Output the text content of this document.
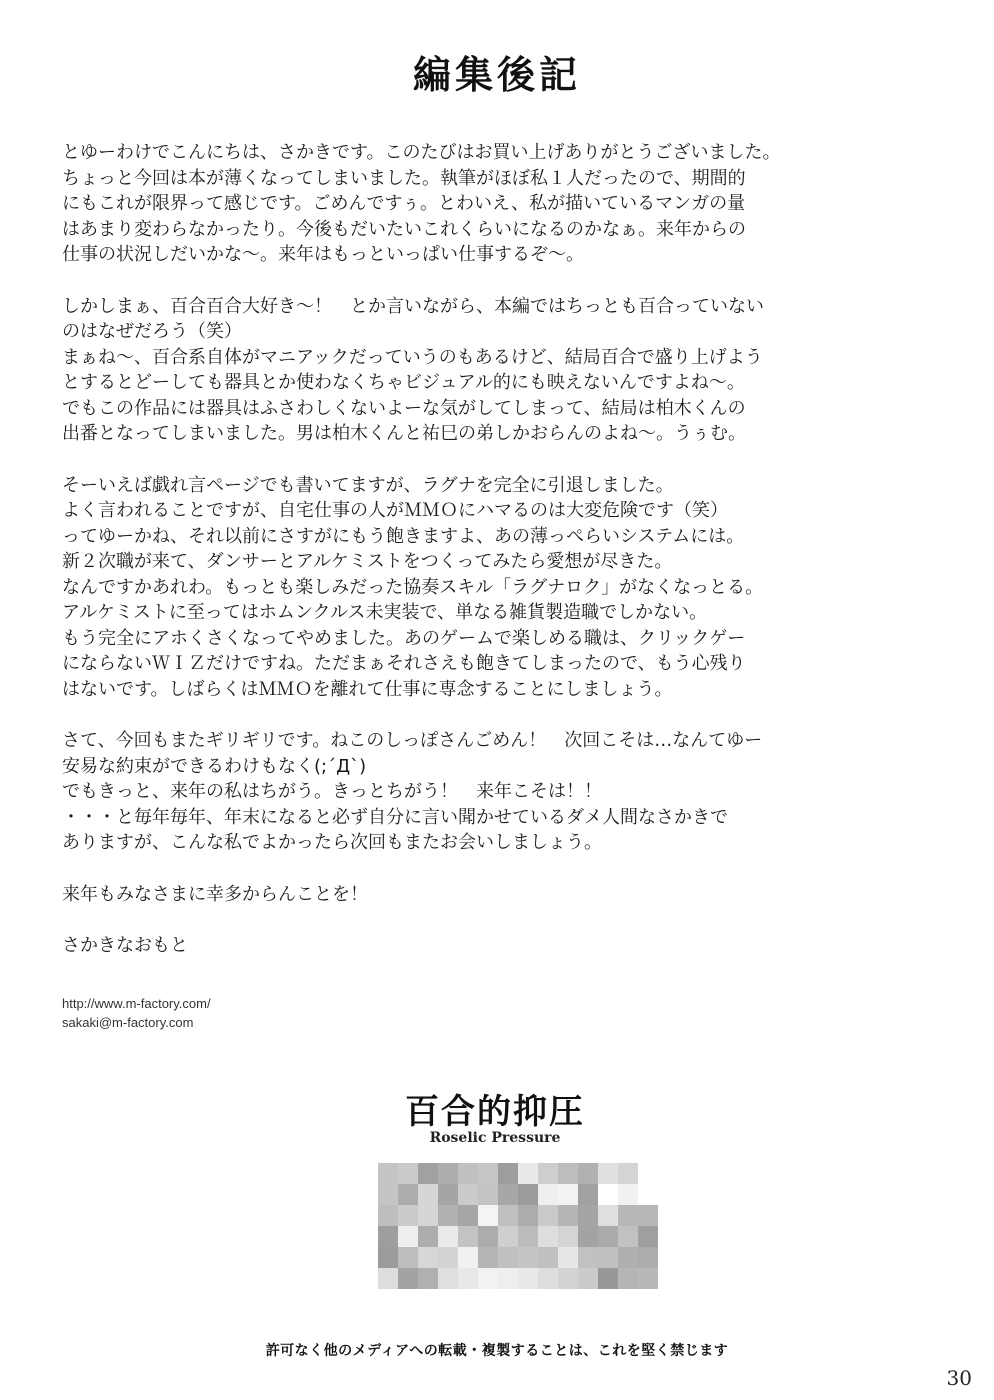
編集後記

とゆーわけでこんにちは、さかきです。このたびはお買い上げありがとうございました。
ちょっと今回は本が薄くなってしまいました。執筆がほぼ私１人だったので、期間的
にもこれが限界って感じです。ごめんですぅ。とわいえ、私が描いているマンガの量
はあまり変わらなかったり。今後もだいたいこれくらいになるのかなぁ。来年からの
仕事の状況しだいかな～。来年はもっといっぱい仕事するぞ～。

しかしまぁ、百合百合大好き～！　とか言いながら、本編ではちっとも百合っていない
のはなぜだろう（笑）
まぁね～、百合系自体がマニアックだっていうのもあるけど、結局百合で盛り上げよう
とするとどーしても器具とか使わなくちゃビジュアル的にも映えないんですよね～。
でもこの作品には器具はふさわしくないよーな気がしてしまって、結局は柏木くんの
出番となってしまいました。男は柏木くんと祐巳の弟しかおらんのよね～。うぅむ。

そーいえば戯れ言ページでも書いてますが、ラグナを完全に引退しました。
よく言われることですが、自宅仕事の人がＭＭＯにハマるのは大変危険です（笑）
ってゆーかね、それ以前にさすがにもう飽きますよ、あの薄っぺらいシステムには。
新２次職が来て、ダンサーとアルケミストをつくってみたら愛想が尽きた。
なんですかあれわ。もっとも楽しみだった協奏スキル「ラグナロク」がなくなっとる。
アルケミストに至ってはホムンクルス未実装で、単なる雑貨製造職でしかない。
もう完全にアホくさくなってやめました。あのゲームで楽しめる職は、クリックゲー
にならないＷＩＺだけですね。ただまぁそれさえも飽きてしまったので、もう心残り
はないです。しばらくはＭＭＯを離れて仕事に専念することにしましょう。

さて、今回もまたギリギリです。ねこのしっぽさんごめん！　次回こそは…なんてゆー
安易な約束ができるわけもなく(;´Д`)
でもきっと、来年の私はちがう。きっとちがう！　来年こそは！！
・・・と毎年毎年、年末になると必ず自分に言い聞かせているダメ人間なさかきで
ありますが、こんな私でよかったら次回もまたお会いしましょう。

来年もみなさまに幸多からんことを！

さかきなおもと

http://www.m-factory.com/
sakaki@m-factory.com
百合的抑圧
Roselic Pressure
許可なく他のメディアへの転載・複製することは、これを堅く禁じます
30
